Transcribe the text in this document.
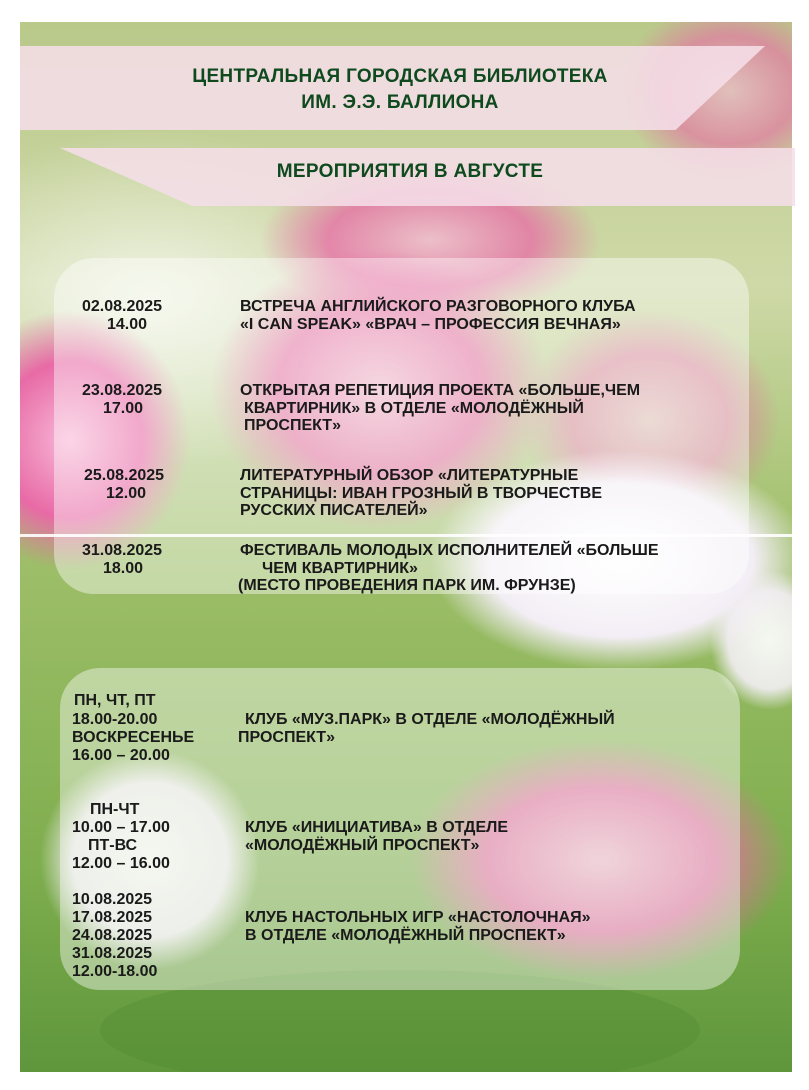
ЦЕНТРАЛЬНАЯ ГОРОДСКАЯ БИБЛИОТЕКА
ИМ. Э.Э. БАЛЛИОНА
МЕРОПРИЯТИЯ В АВГУСТЕ
02.08.2025
14.00
ВСТРЕЧА АНГЛИЙСКОГО РАЗГОВОРНОГО КЛУБА
«I CAN SPEAK» «ВРАЧ – ПРОФЕССИЯ ВЕЧНАЯ»
23.08.2025
17.00
ОТКРЫТАЯ РЕПЕТИЦИЯ ПРОЕКТА «БОЛЬШЕ,ЧЕМ
КВАРТИРНИК» В ОТДЕЛЕ «МОЛОДЁЖНЫЙ
ПРОСПЕКТ»
25.08.2025
12.00
ЛИТЕРАТУРНЫЙ ОБЗОР «ЛИТЕРАТУРНЫЕ
СТРАНИЦЫ: ИВАН ГРОЗНЫЙ В ТВОРЧЕСТВЕ
РУССКИХ ПИСАТЕЛЕЙ»
31.08.2025
18.00
ФЕСТИВАЛЬ МОЛОДЫХ ИСПОЛНИТЕЛЕЙ «БОЛЬШЕ
ЧЕМ КВАРТИРНИК»
(МЕСТО ПРОВЕДЕНИЯ ПАРК ИМ. ФРУНЗЕ)
ПН, ЧТ, ПТ
18.00-20.00
ВОСКРЕСЕНЬЕ
16.00 – 20.00
КЛУБ «МУЗ.ПАРК» В ОТДЕЛЕ «МОЛОДЁЖНЫЙ
ПРОСПЕКТ»
ПН-ЧТ
10.00 – 17.00
ПТ-ВС
12.00 – 16.00
КЛУБ «ИНИЦИАТИВА» В ОТДЕЛЕ
«МОЛОДЁЖНЫЙ ПРОСПЕКТ»
10.08.2025
17.08.2025
24.08.2025
31.08.2025
12.00-18.00
КЛУБ НАСТОЛЬНЫХ ИГР «НАСТОЛОЧНАЯ»
В ОТДЕЛЕ «МОЛОДЁЖНЫЙ ПРОСПЕКТ»
